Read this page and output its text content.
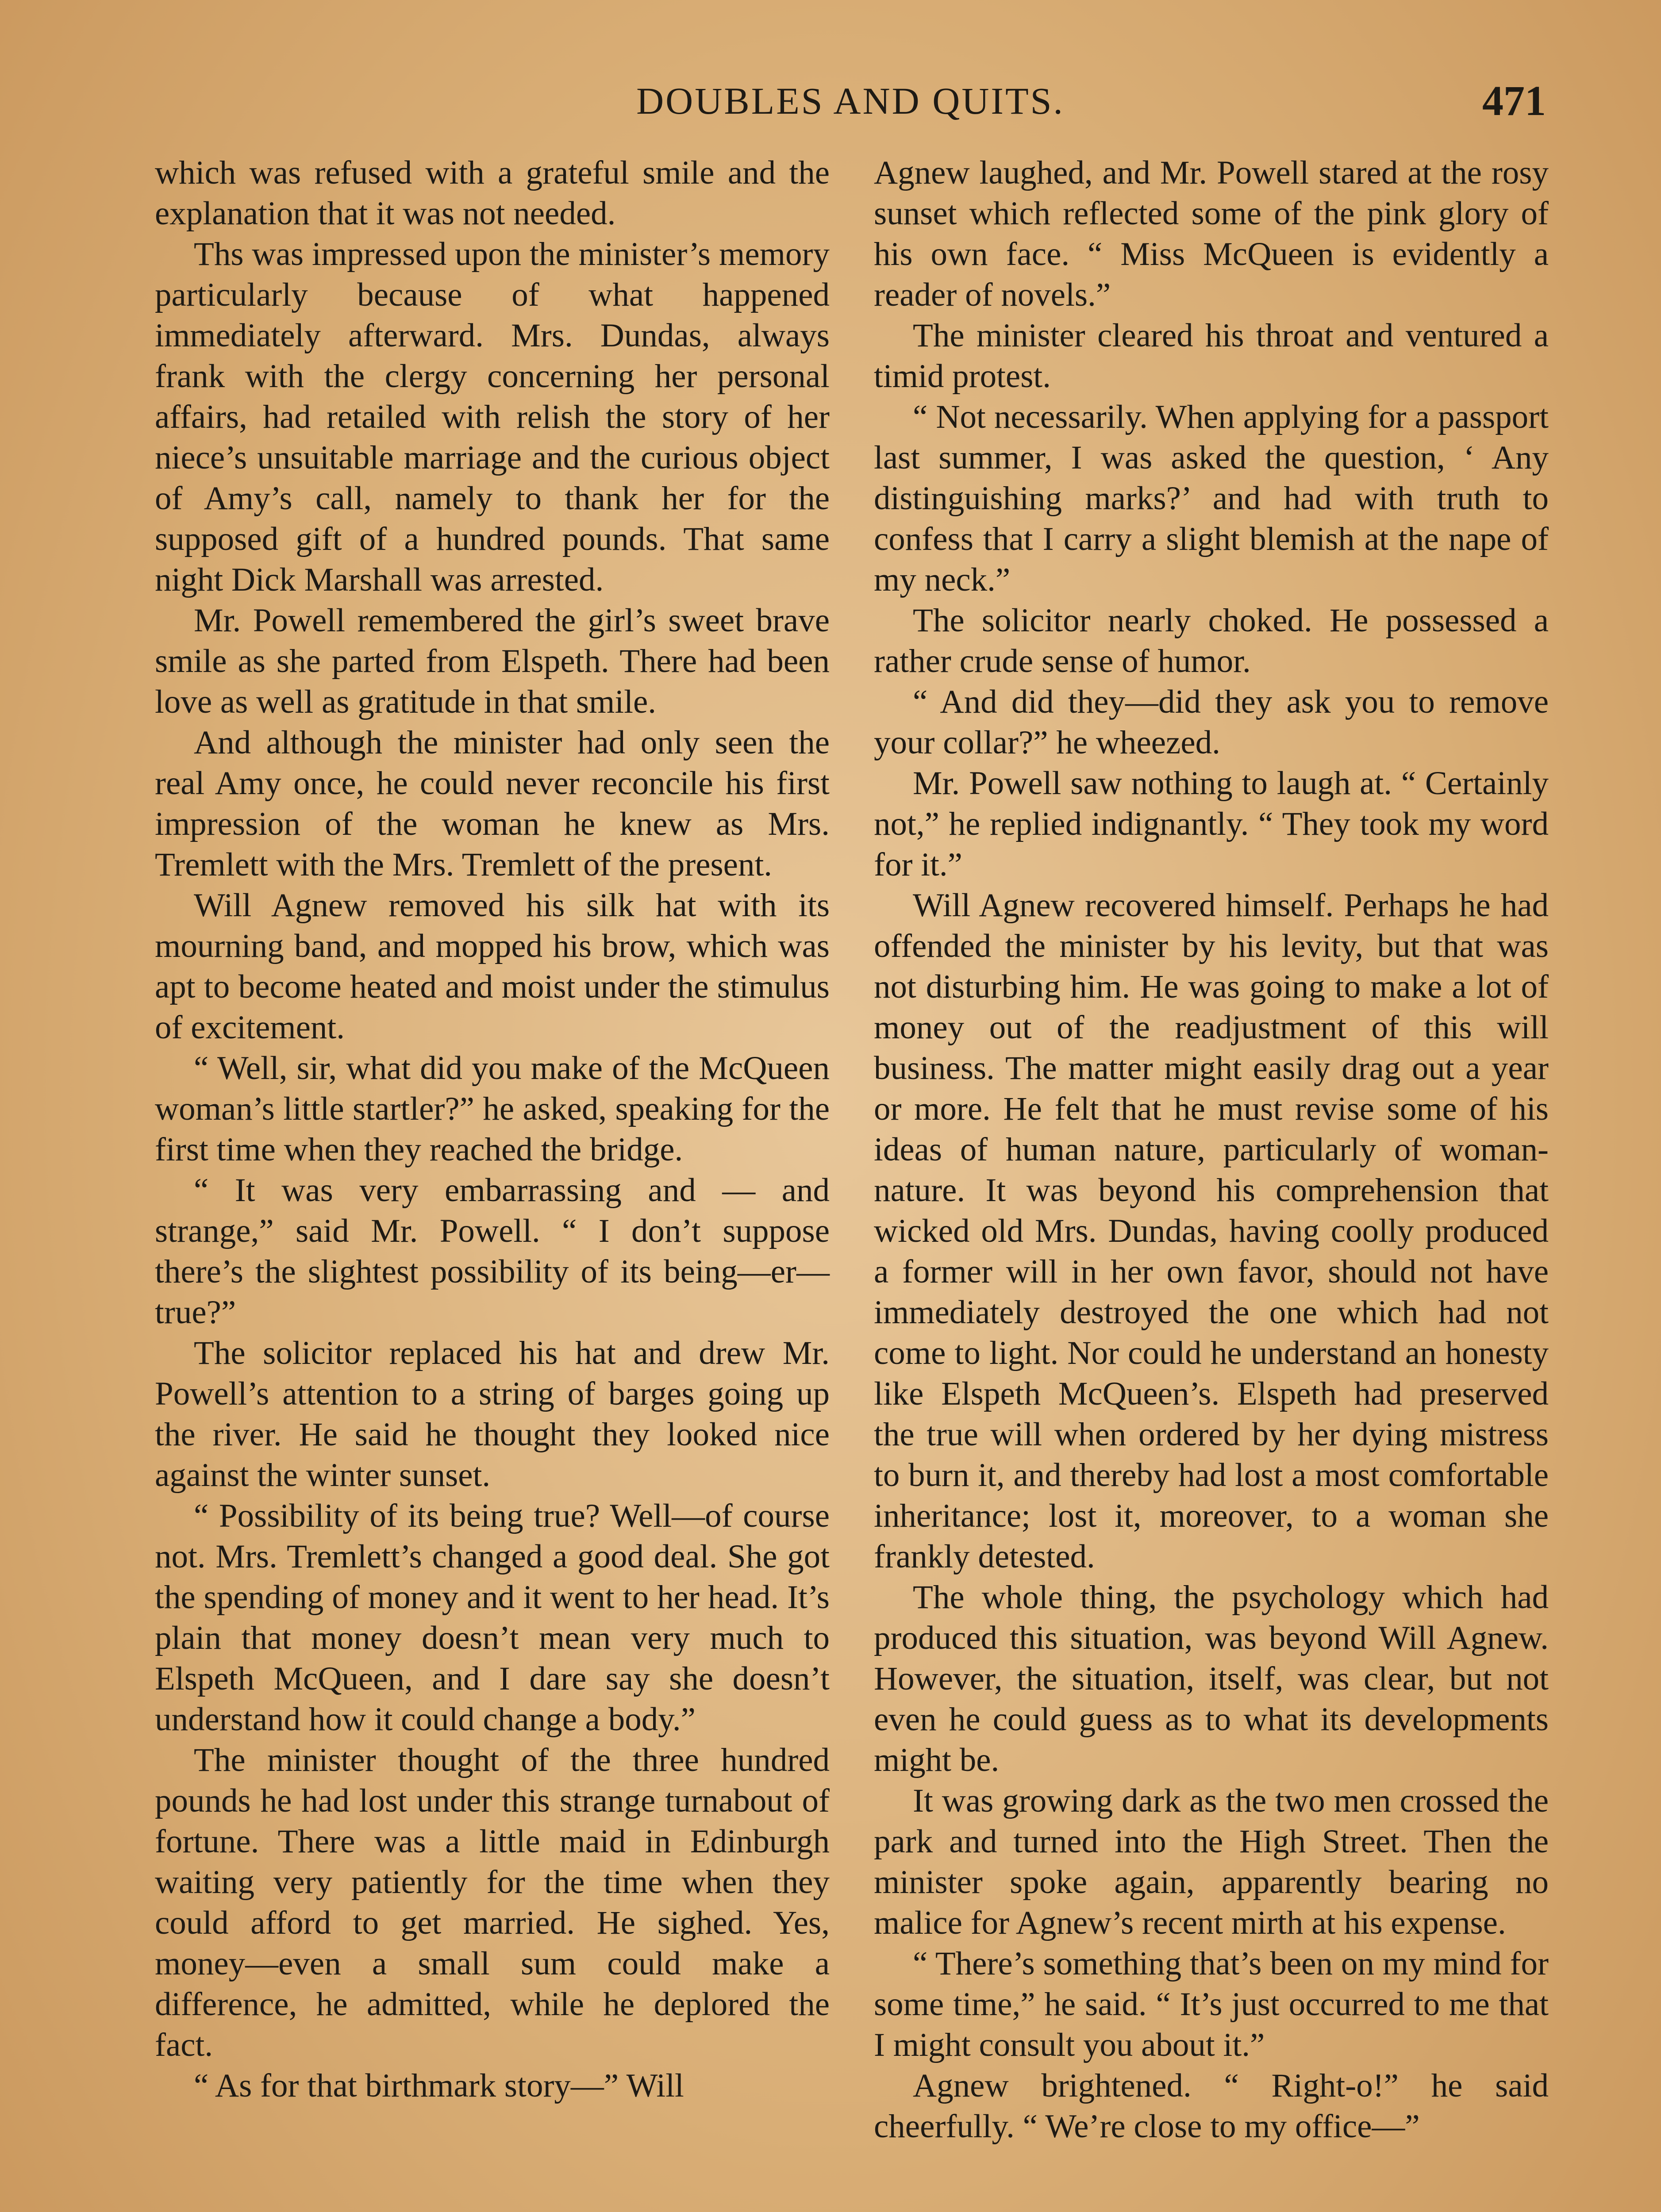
DOUBLES AND QUITS.	471

which was refused with a grateful smile and the explanation that it was not needed.

Ths was impressed upon the minister’s memory particularly because of what happened immediately afterward. Mrs. Dundas, always frank with the clergy concerning her personal affairs, had retailed with relish the story of her niece’s unsuitable marriage and the curious object of Amy’s call, namely to thank her for the supposed gift of a hundred pounds. That same night Dick Marshall was arrested.

Mr. Powell remembered the girl’s sweet brave smile as she parted from Elspeth. There had been love as well as gratitude in that smile.

And although the minister had only seen the real Amy once, he could never reconcile his first impression of the woman he knew as Mrs. Tremlett with the Mrs. Tremlett of the present.

Will Agnew removed his silk hat with its mourning band, and mopped his brow, which was apt to become heated and moist under the stimulus of excitement.

“ Well, sir, what did you make of the McQueen woman’s little startler?” he asked, speaking for the first time when they reached the bridge.

“ It was very embarrassing and — and strange,” said Mr. Powell. “ I don’t suppose there’s the slightest possibility of its being—er—true?”

The solicitor replaced his hat and drew Mr. Powell’s attention to a string of barges going up the river. He said he thought they looked nice against the winter sunset.

“ Possibility of its being true? Well—of course not. Mrs. Tremlett’s changed a good deal. She got the spending of money and it went to her head. It’s plain that money doesn’t mean very much to Elspeth McQueen, and I dare say she doesn’t understand how it could change a body.”

The minister thought of the three hundred pounds he had lost under this strange turnabout of fortune. There was a little maid in Edinburgh waiting very patiently for the time when they could afford to get married. He sighed. Yes, money—even a small sum could make a difference, he admitted, while he deplored the fact.

“ As for that birthmark story—” Will

Agnew laughed, and Mr. Powell stared at the rosy sunset which reflected some of the pink glory of his own face. “ Miss McQueen is evidently a reader of novels.”

The minister cleared his throat and ventured a timid protest.

“ Not necessarily. When applying for a passport last summer, I was asked the question, ‘ Any distinguishing marks?’ and had with truth to confess that I carry a slight blemish at the nape of my neck.”

The solicitor nearly choked. He possessed a rather crude sense of humor.

“ And did they—did they ask you to remove your collar?” he wheezed.

Mr. Powell saw nothing to laugh at. “ Certainly not,” he replied indignantly. “ They took my word for it.”

Will Agnew recovered himself. Perhaps he had offended the minister by his levity, but that was not disturbing him. He was going to make a lot of money out of the readjustment of this will business. The matter might easily drag out a year or more. He felt that he must revise some of his ideas of human nature, particularly of woman-nature. It was beyond his comprehension that wicked old Mrs. Dundas, having coolly produced a former will in her own favor, should not have immediately destroyed the one which had not come to light. Nor could he understand an honesty like Elspeth McQueen’s. Elspeth had preserved the true will when ordered by her dying mistress to burn it, and thereby had lost a most comfortable inheritance; lost it, moreover, to a woman she frankly detested.

The whole thing, the psychology which had produced this situation, was beyond Will Agnew. However, the situation, itself, was clear, but not even he could guess as to what its developments might be.

It was growing dark as the two men crossed the park and turned into the High Street. Then the minister spoke again, apparently bearing no malice for Agnew’s recent mirth at his expense.

“ There’s something that’s been on my mind for some time,” he said. “ It’s just occurred to me that I might consult you about it.”

Agnew brightened. “ Right-o!” he said cheerfully. “ We’re close to my office—”
